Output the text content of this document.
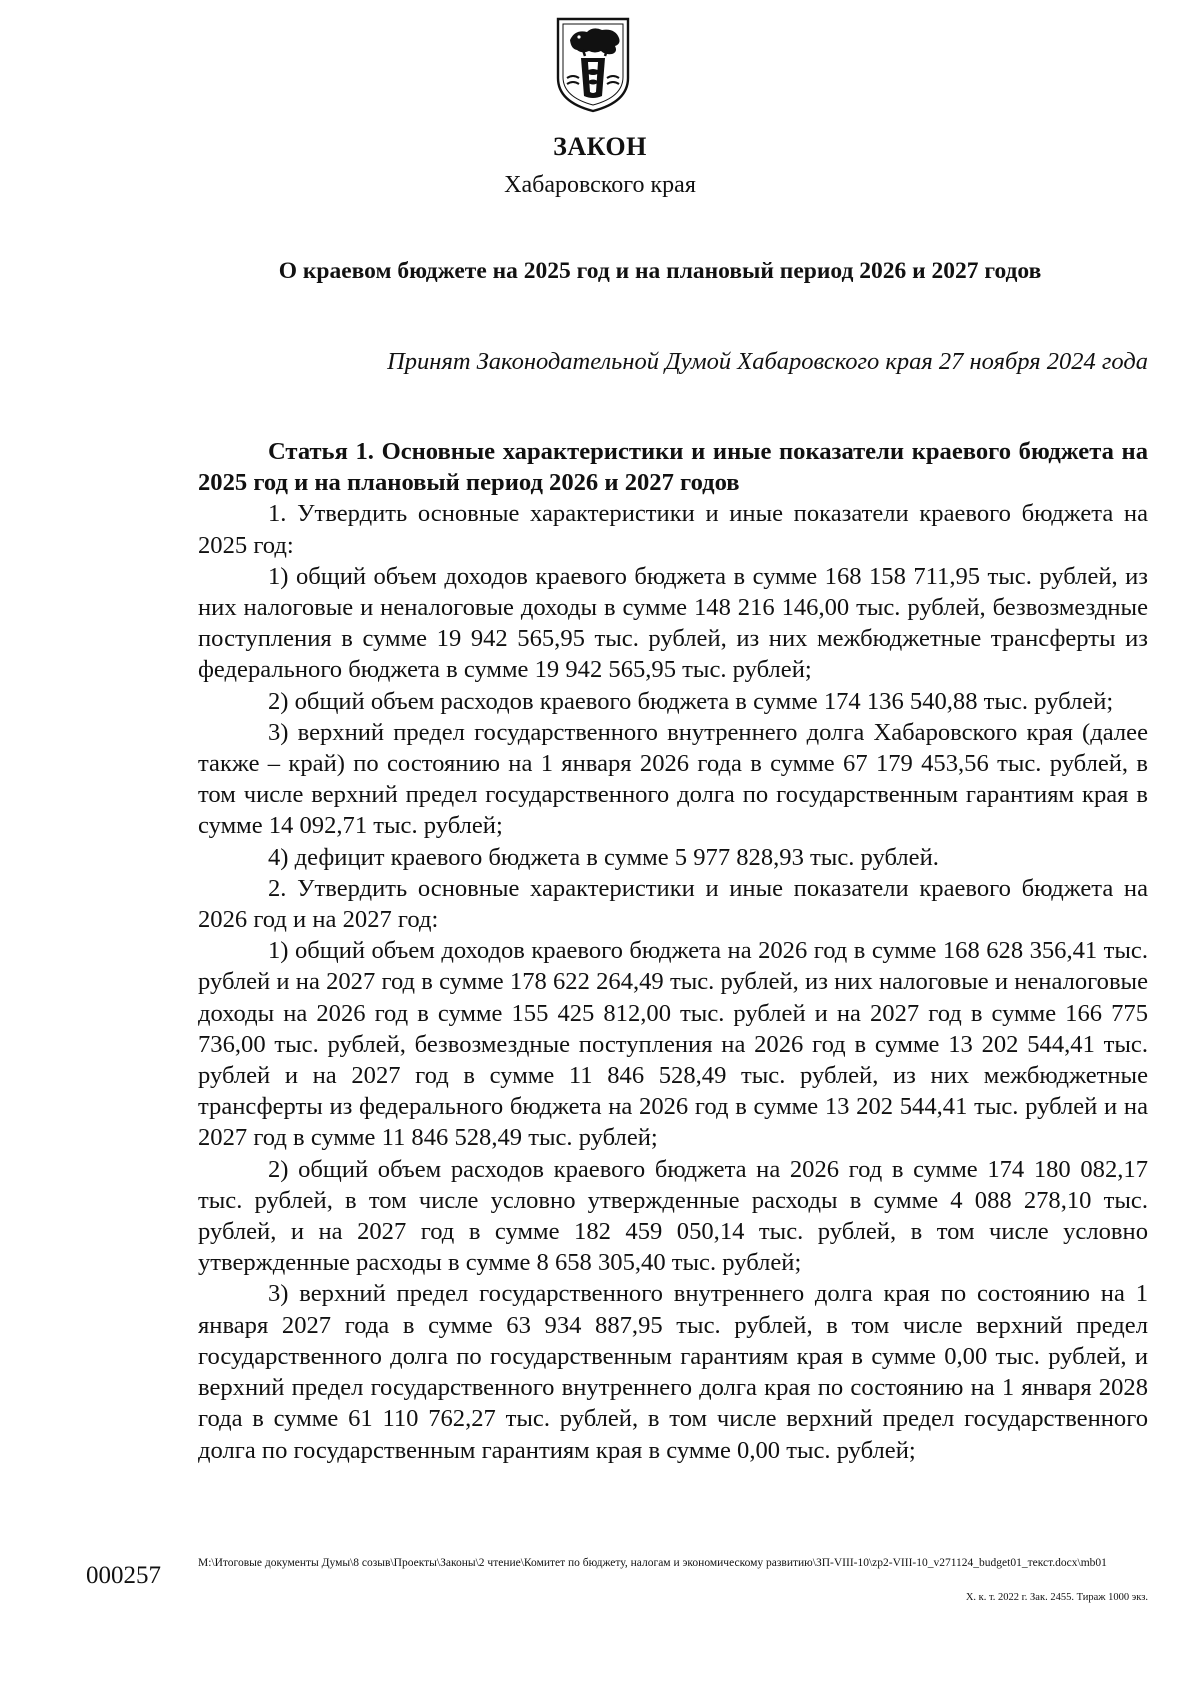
ЗАКОН
Хабаровского края
О краевом бюджете на 2025 год и на плановый период 2026 и 2027 годов
Принят Законодательной Думой Хабаровского края 27 ноября 2024 года

Статья 1. Основные характеристики и иные показатели краевого бюджета на 2025 год и на плановый период 2026 и 2027 годов

1. Утвердить основные характеристики и иные показатели краевого бюджета на 2025 год:

1) общий объем доходов краевого бюджета в сумме 168 158 711,95 тыс. рублей, из них налоговые и неналоговые доходы в сумме 148 216 146,00 тыс. рублей, безвозмездные поступления в сумме 19 942 565,95 тыс. рублей, из них межбюджетные трансферты из федерального бюджета в сумме 19 942 565,95 тыс. рублей;

2) общий объем расходов краевого бюджета в сумме 174 136 540,88 тыс. рублей;

3) верхний предел государственного внутреннего долга Хабаровского края (далее также – край) по состоянию на 1 января 2026 года в сумме 67 179 453,56 тыс. рублей, в том числе верхний предел государственного долга по государственным гарантиям края в сумме 14 092,71 тыс. рублей;

4) дефицит краевого бюджета в сумме 5 977 828,93 тыс. рублей.

2. Утвердить основные характеристики и иные показатели краевого бюджета на 2026 год и на 2027 год:

1) общий объем доходов краевого бюджета на 2026 год в сумме 168 628 356,41 тыс. рублей и на 2027 год в сумме 178 622 264,49 тыс. рублей, из них налоговые и неналоговые доходы на 2026 год в сумме 155 425 812,00 тыс. рублей и на 2027 год в сумме 166 775 736,00 тыс. рублей, безвозмездные поступления на 2026 год в сумме 13 202 544,41 тыс. рублей и на 2027 год в сумме 11 846 528,49 тыс. рублей, из них межбюджетные трансферты из федерального бюджета на 2026 год в сумме 13 202 544,41 тыс. рублей и на 2027 год в сумме 11 846 528,49 тыс. рублей;

2) общий объем расходов краевого бюджета на 2026 год в сумме 174 180 082,17 тыс. рублей, в том числе условно утвержденные расходы в сумме 4 088 278,10 тыс. рублей, и на 2027 год в сумме 182 459 050,14 тыс. рублей, в том числе условно утвержденные расходы в сумме 8 658 305,40 тыс. рублей;

3) верхний предел государственного внутреннего долга края по состоянию на 1 января 2027 года в сумме 63 934 887,95 тыс. рублей, в том числе верхний предел государственного долга по государственным гарантиям края в сумме 0,00 тыс. рублей, и верхний предел государственного внутреннего долга края по состоянию на 1 января 2028 года в сумме 61 110 762,27 тыс. рублей, в том числе верхний предел государственного долга по государственным гарантиям края в сумме 0,00 тыс. рублей;

000257	M:\Итоговые документы Думы\8 созыв\Проекты\Законы\2 чтение\Комитет по бюджету, налогам и экономическому развитию\ЗП-VIII-10\zp2-VIII-10_v271124_budget01_текст.docx\mb01
Х. к. т. 2022 г. Зак. 2455. Тираж 1000 экз.
